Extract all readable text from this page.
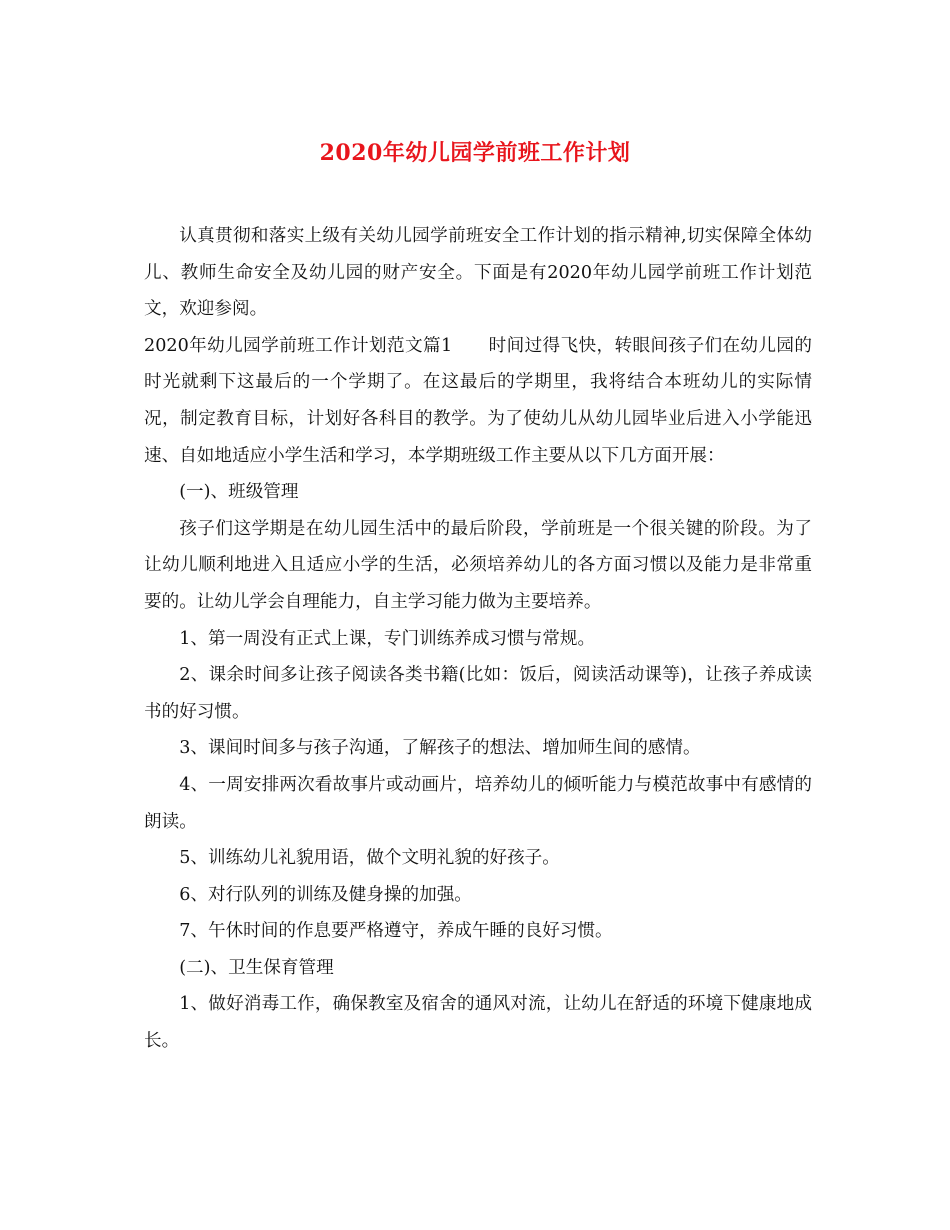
2020年幼儿园学前班工作计划

认真贯彻和落实上级有关幼儿园学前班安全工作计划的指示精神,切实保障全体幼儿、教师生命安全及幼儿园的财产安全。下面是有2020年幼儿园学前班工作计划范文，欢迎参阅。

2020年幼儿园学前班工作计划范文篇1 时间过得飞快，转眼间孩子们在幼儿园的时光就剩下这最后的一个学期了。在这最后的学期里，我将结合本班幼儿的实际情况，制定教育目标，计划好各科目的教学。为了使幼儿从幼儿园毕业后进入小学能迅速、自如地适应小学生活和学习，本学期班级工作主要从以下几方面开展：

(一)、班级管理

孩子们这学期是在幼儿园生活中的最后阶段，学前班是一个很关键的阶段。为了让幼儿顺利地进入且适应小学的生活，必须培养幼儿的各方面习惯以及能力是非常重要的。让幼儿学会自理能力，自主学习能力做为主要培养。

1、第一周没有正式上课，专门训练养成习惯与常规。

2、课余时间多让孩子阅读各类书籍(比如：饭后，阅读活动课等)，让孩子养成读书的好习惯。

3、课间时间多与孩子沟通，了解孩子的想法、增加师生间的感情。

4、一周安排两次看故事片或动画片，培养幼儿的倾听能力与模范故事中有感情的朗读。

5、训练幼儿礼貌用语，做个文明礼貌的好孩子。

6、对行队列的训练及健身操的加强。

7、午休时间的作息要严格遵守，养成午睡的良好习惯。

(二)、卫生保育管理

1、做好消毒工作，确保教室及宿舍的通风对流，让幼儿在舒适的环境下健康地成长。
